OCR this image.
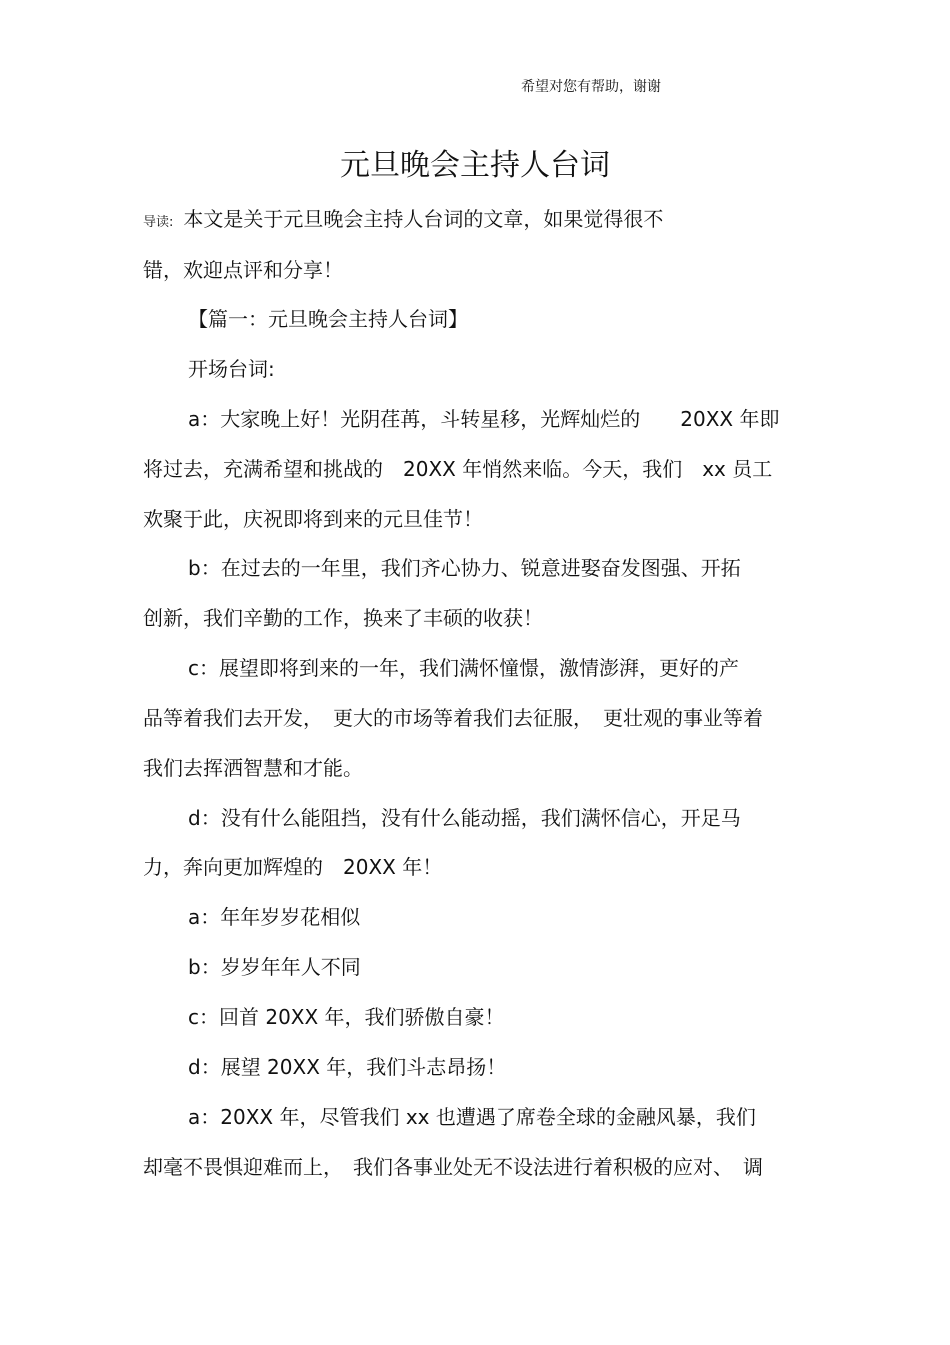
希望对您有帮助，谢谢
元旦晚会主持人台词
导读: 本文是关于元旦晚会主持人台词的文章，如果觉得很不
错，欢迎点评和分享！
【篇一：元旦晚会主持人台词】
开场台词:
a：大家晚上好！光阴荏苒，斗转星移，光辉灿烂的　　20XX 年即
将过去，充满希望和挑战的　20XX 年悄然来临。今天，我们　xx 员工
欢聚于此，庆祝即将到来的元旦佳节！
b：在过去的一年里，我们齐心协力、锐意进娶奋发图强、开拓
创新，我们辛勤的工作，换来了丰硕的收获！
c：展望即将到来的一年，我们满怀憧憬，激情澎湃，更好的产
品等着我们去开发，　更大的市场等着我们去征服，　更壮观的事业等着
我们去挥洒智慧和才能。
d：没有什么能阻挡，没有什么能动摇，我们满怀信心，开足马
力，奔向更加辉煌的　20XX 年！
a：年年岁岁花相似
b：岁岁年年人不同
c：回首 20XX 年，我们骄傲自豪！
d：展望 20XX 年，我们斗志昂扬！
a：20XX 年，尽管我们 xx 也遭遇了席卷全球的金融风暴，我们
却毫不畏惧迎难而上，　我们各事业处无不设法进行着积极的应对、　调
